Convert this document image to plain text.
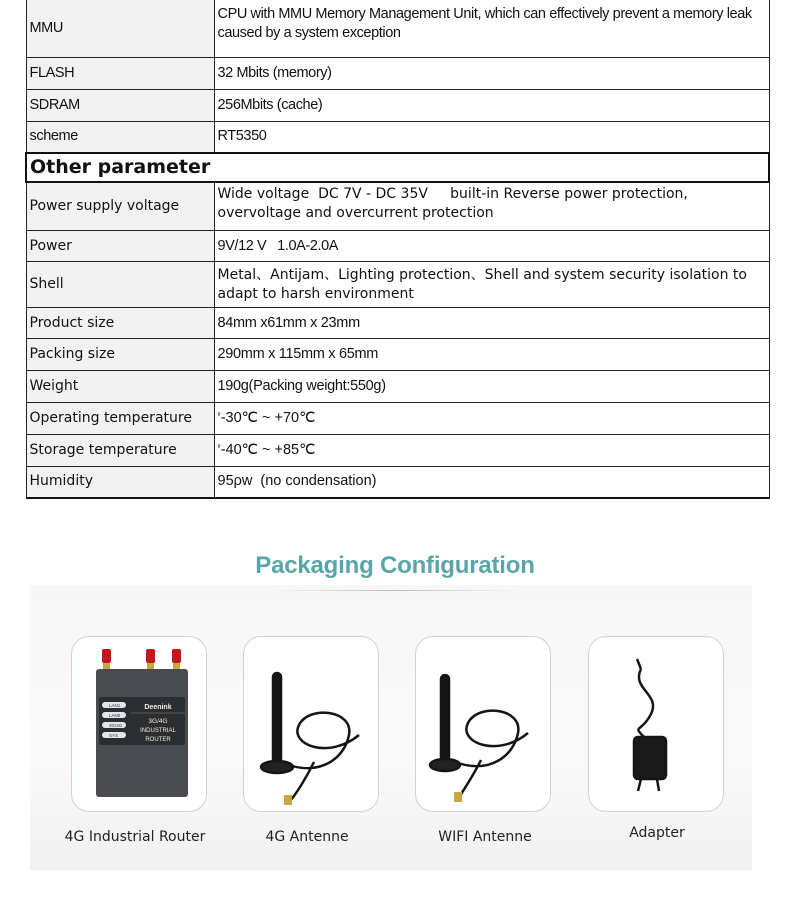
MMU	CPU with MMU Memory Management Unit, which can effectively prevent a memory leak caused by a system exception
FLASH	32 Mbits (memory)
SDRAM	256Mbits (cache)
scheme	RT5350
Other parameter	
Power supply voltage	Wide voltage  DC 7V - DC 35V     built-in Reverse power protection, overvoltage and overcurrent protection
Power	9V/12 V   1.0A-2.0A
Shell	Metal、Antijam、Lighting protection、Shell and system security isolation to adapt to harsh environment
Product size	84mm x61mm x 23mm
Packing size	290mm x 115mm x 65mm
Weight	190g(Packing weight:550g)
Operating temperature	‘-30℃ ~ +70℃
Storage temperature	‘-40℃ ~ +85℃
Humidity	95ρw  (no condensation)
Packaging Configuration
LAN1
LAN0
3G/4G
SYS
Deenink
3G/4G
INDUSTRIAL
ROUTER
4G Industrial Router	4G Antenne	WIFI Antenne	Adapter
